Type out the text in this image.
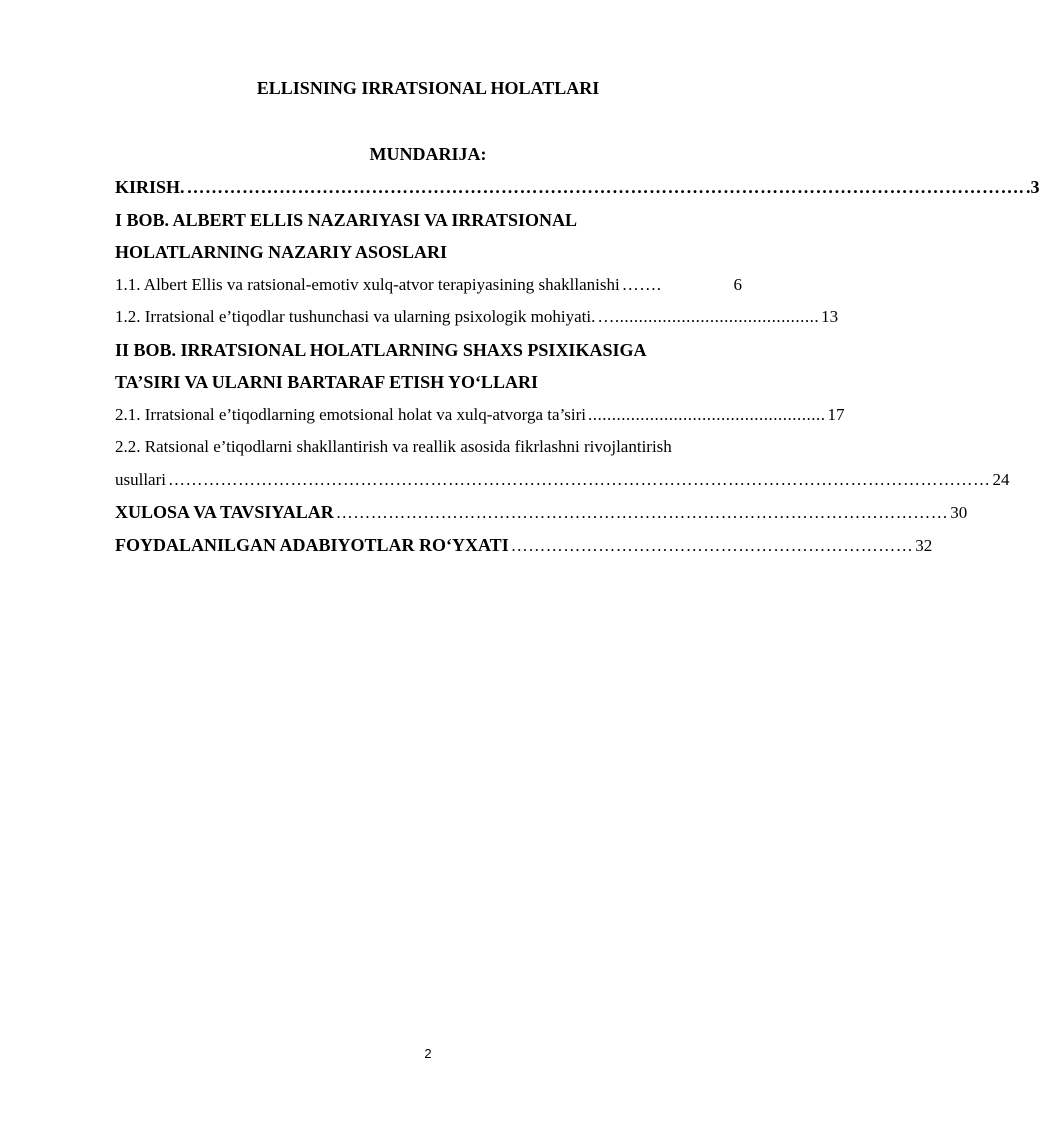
ELLISNING IRRATSIONAL HOLATLARI
MUNDARIJA:
KIRISH. ………………………………………………………………………………………………………………………. .3
I BOB. ALBERT ELLIS NAZARIYASI VA IRRATSIONAL
HOLATLARNING NAZARIY ASOSLARI
1.1. Albert Ellis va ratsional-emotiv xulq-atvor terapiyasining shakllanishi …….	6
1.2. Irratsional e’tiqodlar tushunchasi va ularning psixologik mohiyati. …........................................... 13
II BOB. IRRATSIONAL HOLATLARNING SHAXS PSIXIKASIGA
TA’SIRI VA ULARNI BARTARAF ETISH YO‘LLARI
2.1. Irratsional e’tiqodlarning emotsional holat va xulq-atvorga ta’siri .................................................. 17
2.2. Ratsional e’tiqodlarni shakllantirish va reallik asosida fikrlashni rivojlantirish
usullari …………………………………………………………………………………………………………………………… 24
XULOSA VA TAVSIYALAR …………………………………………………………………………………………… 30
FOYDALANILGAN ADABIYOTLAR RO‘YXATI …………………………………………………………… 32
2
